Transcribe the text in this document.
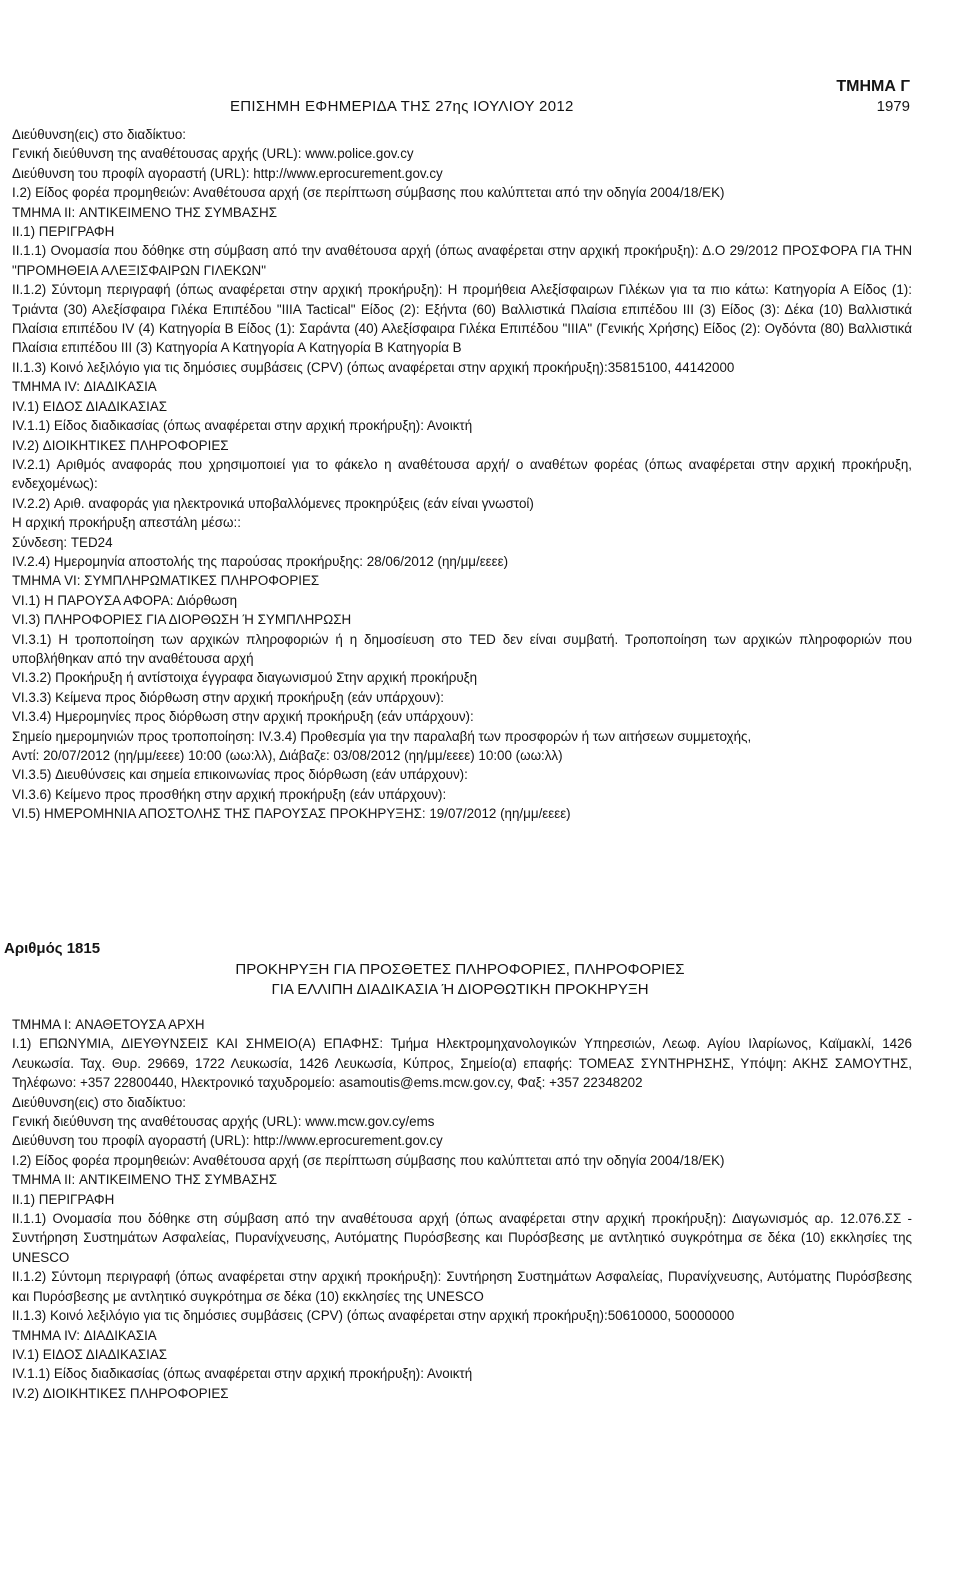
ΕΠΙΣΗΜΗ ΕΦΗΜΕΡΙΔΑ ΤΗΣ 27ης ΙΟΥΛΙΟΥ 2012
ΤΜΗΜΑ Γ
1979
Διεύθυνση(εις) στο διαδίκτυο:
Γενική διεύθυνση της αναθέτουσας αρχής (URL): www.police.gov.cy
Διεύθυνση του προφίλ αγοραστή (URL): http://www.eprocurement.gov.cy
I.2) Είδος φορέα προμηθειών: Αναθέτουσα αρχή (σε περίπτωση σύμβασης που καλύπτεται από την οδηγία 2004/18/ΕΚ)
ΤΜΗΜΑ II: ΑΝΤΙΚΕΙΜΕΝΟ ΤΗΣ ΣΥΜΒΑΣΗΣ
II.1) ΠΕΡΙΓΡΑΦΗ
II.1.1) Ονομασία που δόθηκε στη σύμβαση από την αναθέτουσα αρχή (όπως αναφέρεται στην αρχική προκήρυξη): Δ.Ο 29/2012 ΠΡΟΣΦΟΡΑ ΓΙΑ ΤΗΝ "ΠΡΟΜΗΘΕΙΑ ΑΛΕΞΙΣΦΑΙΡΩΝ ΓΙΛΕΚΩΝ"
II.1.2) Σύντομη περιγραφή (όπως αναφέρεται στην αρχική προκήρυξη): Η προμήθεια Αλεξίσφαιρων Γιλέκων για τα πιο κάτω: Κατηγορία Α Είδος (1): Τριάντα (30) Αλεξίσφαιρα Γιλέκα Επιπέδου "IIIA Tactical" Είδος (2): Εξήντα (60) Βαλλιστικά Πλαίσια επιπέδου III (3) Είδος (3): Δέκα (10) Βαλλιστικά Πλαίσια επιπέδου IV (4) Κατηγορία Β Είδος (1): Σαράντα (40) Αλεξίσφαιρα Γιλέκα Επιπέδου "IIIA" (Γενικής Χρήσης) Είδος (2): Ογδόντα (80) Βαλλιστικά Πλαίσια επιπέδου III (3) Κατηγορία Α Κατηγορία Α Κατηγορία Β Κατηγορία Β
II.1.3) Κοινό λεξιλόγιο για τις δημόσιες συμβάσεις (CPV) (όπως αναφέρεται στην αρχική προκήρυξη):35815100, 44142000
ΤΜΗΜΑ IV: ΔΙΑΔΙΚΑΣΙΑ
IV.1) ΕΙΔΟΣ ΔΙΑΔΙΚΑΣΙΑΣ
IV.1.1) Είδος διαδικασίας (όπως αναφέρεται στην αρχική προκήρυξη): Ανοικτή
IV.2) ΔΙΟΙΚΗΤΙΚΕΣ ΠΛΗΡΟΦΟΡΙΕΣ
IV.2.1) Αριθμός αναφοράς που χρησιμοποιεί για το φάκελο η αναθέτουσα αρχή/ ο αναθέτων φορέας (όπως αναφέρεται στην αρχική προκήρυξη, ενδεχομένως):
IV.2.2) Αριθ. αναφοράς για ηλεκτρονικά υποβαλλόμενες προκηρύξεις (εάν είναι γνωστοί)
Η αρχική προκήρυξη απεστάλη μέσω::
Σύνδεση: TED24
IV.2.4) Ημερομηνία αποστολής της παρούσας προκήρυξης: 28/06/2012 (ηη/μμ/εεεε)
ΤΜΗΜΑ VI: ΣΥΜΠΛΗΡΩΜΑΤΙΚΕΣ ΠΛΗΡΟΦΟΡΙΕΣ
VI.1) Η ΠΑΡΟΥΣΑ ΑΦΟΡΑ: Διόρθωση
VI.3) ΠΛΗΡΟΦΟΡΙΕΣ ΓΙΑ ΔΙΟΡΘΩΣΗ Ή ΣΥΜΠΛΗΡΩΣΗ
VI.3.1) Η τροποποίηση των αρχικών πληροφοριών ή η δημοσίευση στο TED δεν είναι συμβατή. Τροποποίηση των αρχικών πληροφοριών που υποβλήθηκαν από την αναθέτουσα αρχή
VI.3.2) Προκήρυξη ή αντίστοιχα έγγραφα διαγωνισμού Στην αρχική προκήρυξη
VI.3.3) Κείμενα προς διόρθωση στην αρχική προκήρυξη (εάν υπάρχουν):
VI.3.4) Ημερομηνίες προς διόρθωση στην αρχική προκήρυξη (εάν υπάρχουν):
Σημείο ημερομηνιών προς τροποποίηση: IV.3.4) Προθεσμία για την παραλαβή των προσφορών ή των αιτήσεων συμμετοχής,
Αντί: 20/07/2012 (ηη/μμ/εεεε) 10:00 (ωω:λλ), Διάβαζε: 03/08/2012 (ηη/μμ/εεεε) 10:00 (ωω:λλ)
VI.3.5) Διευθύνσεις και σημεία επικοινωνίας προς διόρθωση (εάν υπάρχουν):
VI.3.6) Κείμενο προς προσθήκη στην αρχική προκήρυξη (εάν υπάρχουν):
VI.5) ΗΜΕΡΟΜΗΝΙΑ ΑΠΟΣΤΟΛΗΣ ΤΗΣ ΠΑΡΟΥΣΑΣ ΠΡΟΚΗΡΥΞΗΣ: 19/07/2012 (ηη/μμ/εεεε)
Αριθμός 1815
ΠΡΟΚΗΡΥΞΗ ΓΙΑ ΠΡΟΣΘΕΤΕΣ ΠΛΗΡΟΦΟΡΙΕΣ, ΠΛΗΡΟΦΟΡΙΕΣ
ΓΙΑ ΕΛΛΙΠΗ ΔΙΑΔΙΚΑΣΙΑ Ή ΔΙΟΡΘΩΤΙΚΗ ΠΡΟΚΗΡΥΞΗ
ΤΜΗΜΑ I: ΑΝΑΘΕΤΟΥΣΑ ΑΡΧΗ
I.1) ΕΠΩΝΥΜΙΑ, ΔΙΕΥΘΥΝΣΕΙΣ ΚΑΙ ΣΗΜΕΙΟ(Α) ΕΠΑΦΗΣ: Τμήμα Ηλεκτρομηχανολογικών Υπηρεσιών, Λεωφ. Αγίου Ιλαρίωνος, Καϊμακλί, 1426 Λευκωσία. Ταχ. Θυρ. 29669, 1722 Λευκωσία, 1426 Λευκωσία, Κύπρος, Σημείο(α) επαφής: ΤΟΜΕΑΣ ΣΥΝΤΗΡΗΣΗΣ, Υπόψη: ΑΚΗΣ ΣΑΜΟΥΤΗΣ, Τηλέφωνο: +357 22800440, Ηλεκτρονικό ταχυδρομείο: asamoutis@ems.mcw.gov.cy, Φαξ: +357 22348202
Διεύθυνση(εις) στο διαδίκτυο:
Γενική διεύθυνση της αναθέτουσας αρχής (URL): www.mcw.gov.cy/ems
Διεύθυνση του προφίλ αγοραστή (URL): http://www.eprocurement.gov.cy
I.2) Είδος φορέα προμηθειών: Αναθέτουσα αρχή (σε περίπτωση σύμβασης που καλύπτεται από την οδηγία 2004/18/ΕΚ)
ΤΜΗΜΑ II: ΑΝΤΙΚΕΙΜΕΝΟ ΤΗΣ ΣΥΜΒΑΣΗΣ
II.1) ΠΕΡΙΓΡΑΦΗ
II.1.1) Ονομασία που δόθηκε στη σύμβαση από την αναθέτουσα αρχή (όπως αναφέρεται στην αρχική προκήρυξη): Διαγωνισμός αρ. 12.076.ΣΣ - Συντήρηση Συστημάτων Ασφαλείας, Πυρανίχνευσης, Αυτόματης Πυρόσβεσης και Πυρόσβεσης με αντλητικό συγκρότημα σε δέκα (10) εκκλησίες της UNESCO
II.1.2) Σύντομη περιγραφή (όπως αναφέρεται στην αρχική προκήρυξη): Συντήρηση Συστημάτων Ασφαλείας, Πυρανίχνευσης, Αυτόματης Πυρόσβεσης και Πυρόσβεσης με αντλητικό συγκρότημα σε δέκα (10) εκκλησίες της UNESCO
II.1.3) Κοινό λεξιλόγιο για τις δημόσιες συμβάσεις (CPV) (όπως αναφέρεται στην αρχική προκήρυξη):50610000, 50000000
ΤΜΗΜΑ IV: ΔΙΑΔΙΚΑΣΙΑ
IV.1) ΕΙΔΟΣ ΔΙΑΔΙΚΑΣΙΑΣ
IV.1.1) Είδος διαδικασίας (όπως αναφέρεται στην αρχική προκήρυξη): Ανοικτή
IV.2) ΔΙΟΙΚΗΤΙΚΕΣ ΠΛΗΡΟΦΟΡΙΕΣ
